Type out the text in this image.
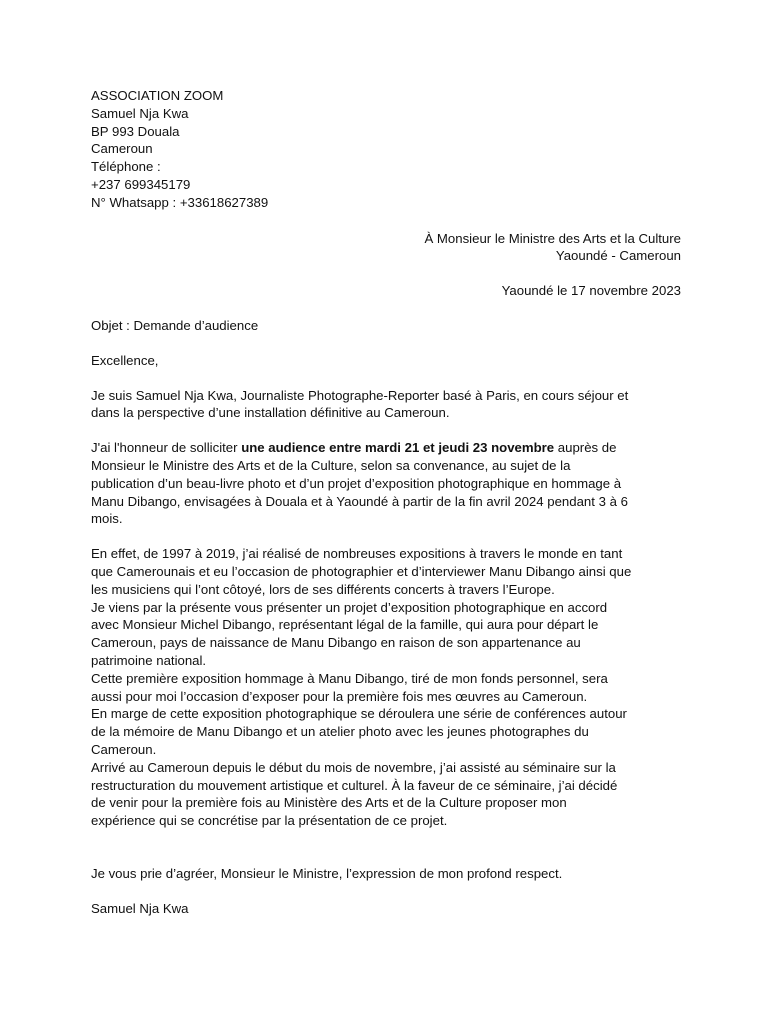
ASSOCIATION ZOOM
Samuel Nja Kwa
BP 993 Douala
Cameroun
Téléphone :
+237 699345179
N° Whatsapp : +33618627389
À Monsieur le Ministre des Arts et la Culture
Yaoundé - Cameroun
Yaoundé le 17 novembre 2023
Objet : Demande d’audience
Excellence,
Je suis Samuel Nja Kwa, Journaliste Photographe-Reporter basé à Paris, en cours séjour et
dans la perspective d’une installation définitive au Cameroun.
J'ai l'honneur de solliciter une audience entre mardi 21 et jeudi 23 novembre auprès de
Monsieur le Ministre des Arts et de la Culture, selon sa convenance, au sujet de la
publication d’un beau-livre photo et d’un projet d’exposition photographique en hommage à
Manu Dibango, envisagées à Douala et à Yaoundé à partir de la fin avril 2024 pendant 3 à 6
mois.
En effet, de 1997 à 2019, j’ai réalisé de nombreuses expositions à travers le monde en tant
que Camerounais et eu l’occasion de photographier et d’interviewer Manu Dibango ainsi que
les musiciens qui l’ont côtoyé, lors de ses différents concerts à travers l’Europe.
Je viens par la présente vous présenter un projet d’exposition photographique en accord
avec Monsieur Michel Dibango, représentant légal de la famille, qui aura pour départ le
Cameroun, pays de naissance de Manu Dibango en raison de son appartenance au
patrimoine national.
Cette première exposition hommage à Manu Dibango, tiré de mon fonds personnel, sera
aussi pour moi l’occasion d’exposer pour la première fois mes œuvres au Cameroun.
En marge de cette exposition photographique se déroulera une série de conférences autour
de la mémoire de Manu Dibango et un atelier photo avec les jeunes photographes du
Cameroun.
Arrivé au Cameroun depuis le début du mois de novembre, j’ai assisté au séminaire sur la
restructuration du mouvement artistique et culturel. À la faveur de ce séminaire, j’ai décidé
de venir pour la première fois au Ministère des Arts et de la Culture proposer mon
expérience qui se concrétise par la présentation de ce projet.
Je vous prie d’agréer, Monsieur le Ministre, l’expression de mon profond respect.
Samuel Nja Kwa
